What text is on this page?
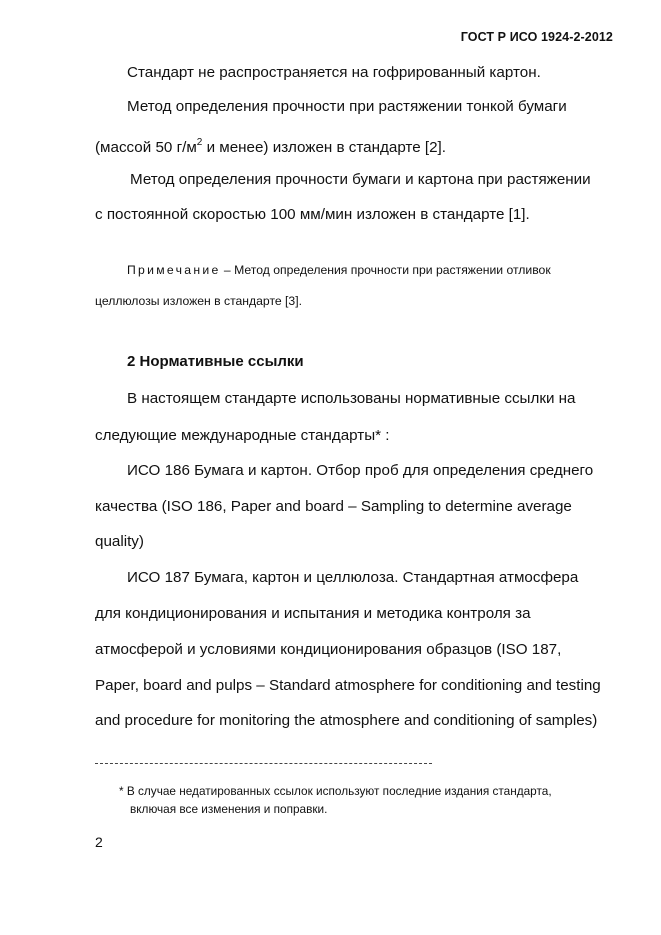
ГОСТ Р ИСО 1924-2-2012
Стандарт не распространяется на гофрированный картон.
Метод определения прочности при растяжении тонкой бумаги
(массой 50 $г/м^2$ и менее) изложен в стандарте [2].
Метод определения прочности бумаги и картона при растяжении
с постоянной скоростью 100 мм/мин изложен в стандарте [1].
Примечание – Метод определения прочности при растяжении отливок
целлюлозы изложен в стандарте [3].
2 Нормативные ссылки
В настоящем стандарте использованы нормативные ссылки на
следующие международные стандарты* :
ИСО 186 Бумага и картон. Отбор проб для определения среднего
качества (ISO 186, Paper and board – Sampling to determine average
quality)
ИСО 187 Бумага, картон и целлюлоза. Стандартная атмосфера
для кондиционирования и испытания и методика контроля за
атмосферой и условиями кондиционирования образцов (ISO 187,
Paper, board and pulps – Standard atmosphere for conditioning and testing
and procedure for monitoring the atmosphere and conditioning of samples)
* В случае недатированных ссылок используют последние издания стандарта,
включая все изменения и поправки.
2
